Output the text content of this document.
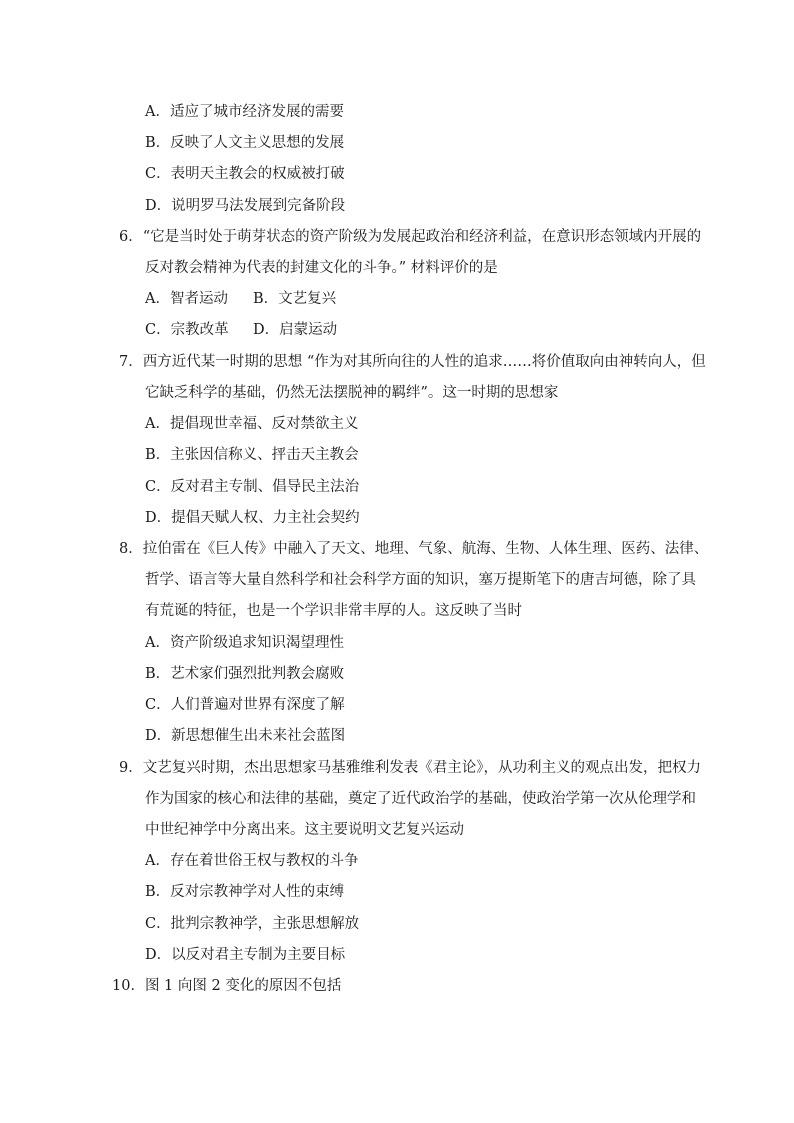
A．适应了城市经济发展的需要
B．反映了人文主义思想的发展
C．表明天主教会的权威被打破
D．说明罗马法发展到完备阶段
6．“它是当时处于萌芽状态的资产阶级为发展起政治和经济利益，在意识形态领域内开展的
反对教会精神为代表的封建文化的斗争。” 材料评价的是
A．智者运动 B．文艺复兴
C．宗教改革 D．启蒙运动
7．西方近代某一时期的思想 “作为对其所向往的人性的追求……将价值取向由神转向人，但
它缺乏科学的基础，仍然无法摆脱神的羁绊”。这一时期的思想家
A．提倡现世幸福、反对禁欲主义
B．主张因信称义、抨击天主教会
C．反对君主专制、倡导民主法治
D．提倡天赋人权、力主社会契约
8．拉伯雷在《巨人传》中融入了天文、地理、气象、航海、生物、人体生理、医药、法律、
哲学、语言等大量自然科学和社会科学方面的知识，塞万提斯笔下的唐吉坷德，除了具
有荒诞的特征，也是一个学识非常丰厚的人。这反映了当时
A．资产阶级追求知识渴望理性
B．艺术家们强烈批判教会腐败
C．人们普遍对世界有深度了解
D．新思想催生出未来社会蓝图
9．文艺复兴时期，杰出思想家马基雅维利发表《君主论》，从功利主义的观点出发，把权力
作为国家的核心和法律的基础，奠定了近代政治学的基础，使政治学第一次从伦理学和
中世纪神学中分离出来。这主要说明文艺复兴运动
A．存在着世俗王权与教权的斗争
B．反对宗教神学对人性的束缚
C．批判宗教神学，主张思想解放
D．以反对君主专制为主要目标
10．图 1 向图 2 变化的原因不包括
